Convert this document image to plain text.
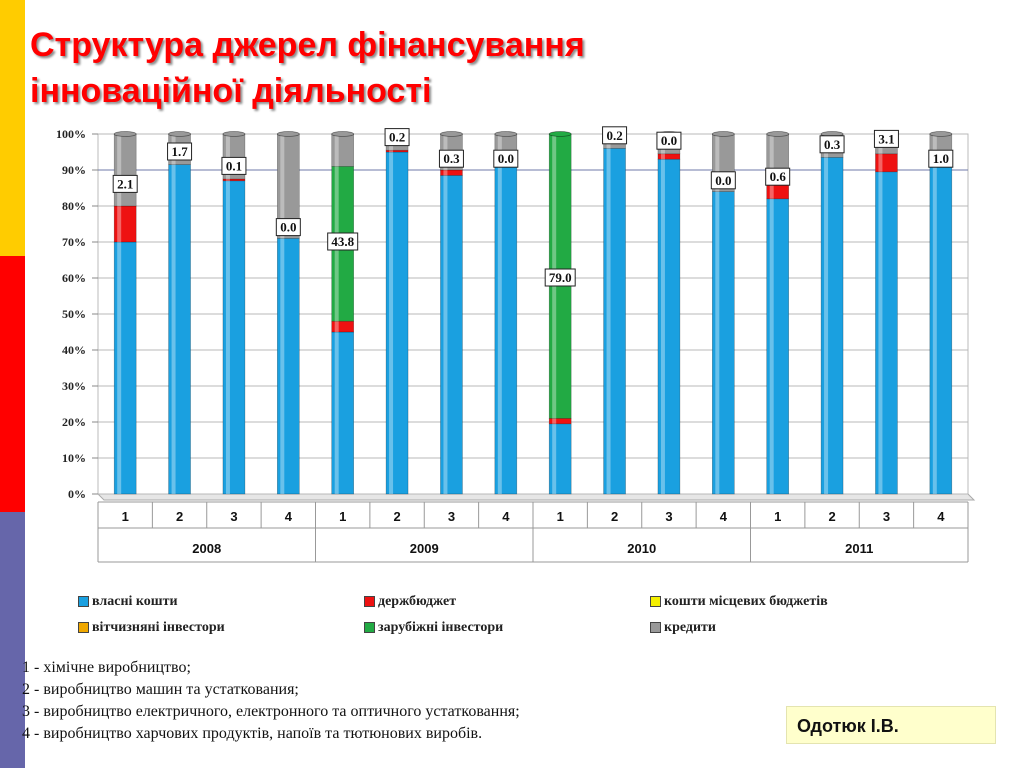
Структура джерел фінансування
інноваційної діяльності
0%
10%
20%
30%
40%
50%
60%
70%
80%
90%
100%
2.1
1.7
0.1
0.0
43.8
0.2
0.3	0.0
79.0
0.2	0.0
0.0	0.6
0.3	3.1
1.0
1	2	3	4	1	2	3	4	1	2	3	4	1	2	3	4
2008	2009	2010	2011
власні кошти	держбюджет	кошти місцевих бюджетів
вітчизняні інвестори	зарубіжні інвестори	кредити
1 - хімічне виробництво;
2 - виробництво машин та устаткования;
3 - виробництво електричного, електронного та оптичного устатковання;
4 - виробництво харчових продуктів, напоїв та тютюнових виробів.	Одотюк І.В.
